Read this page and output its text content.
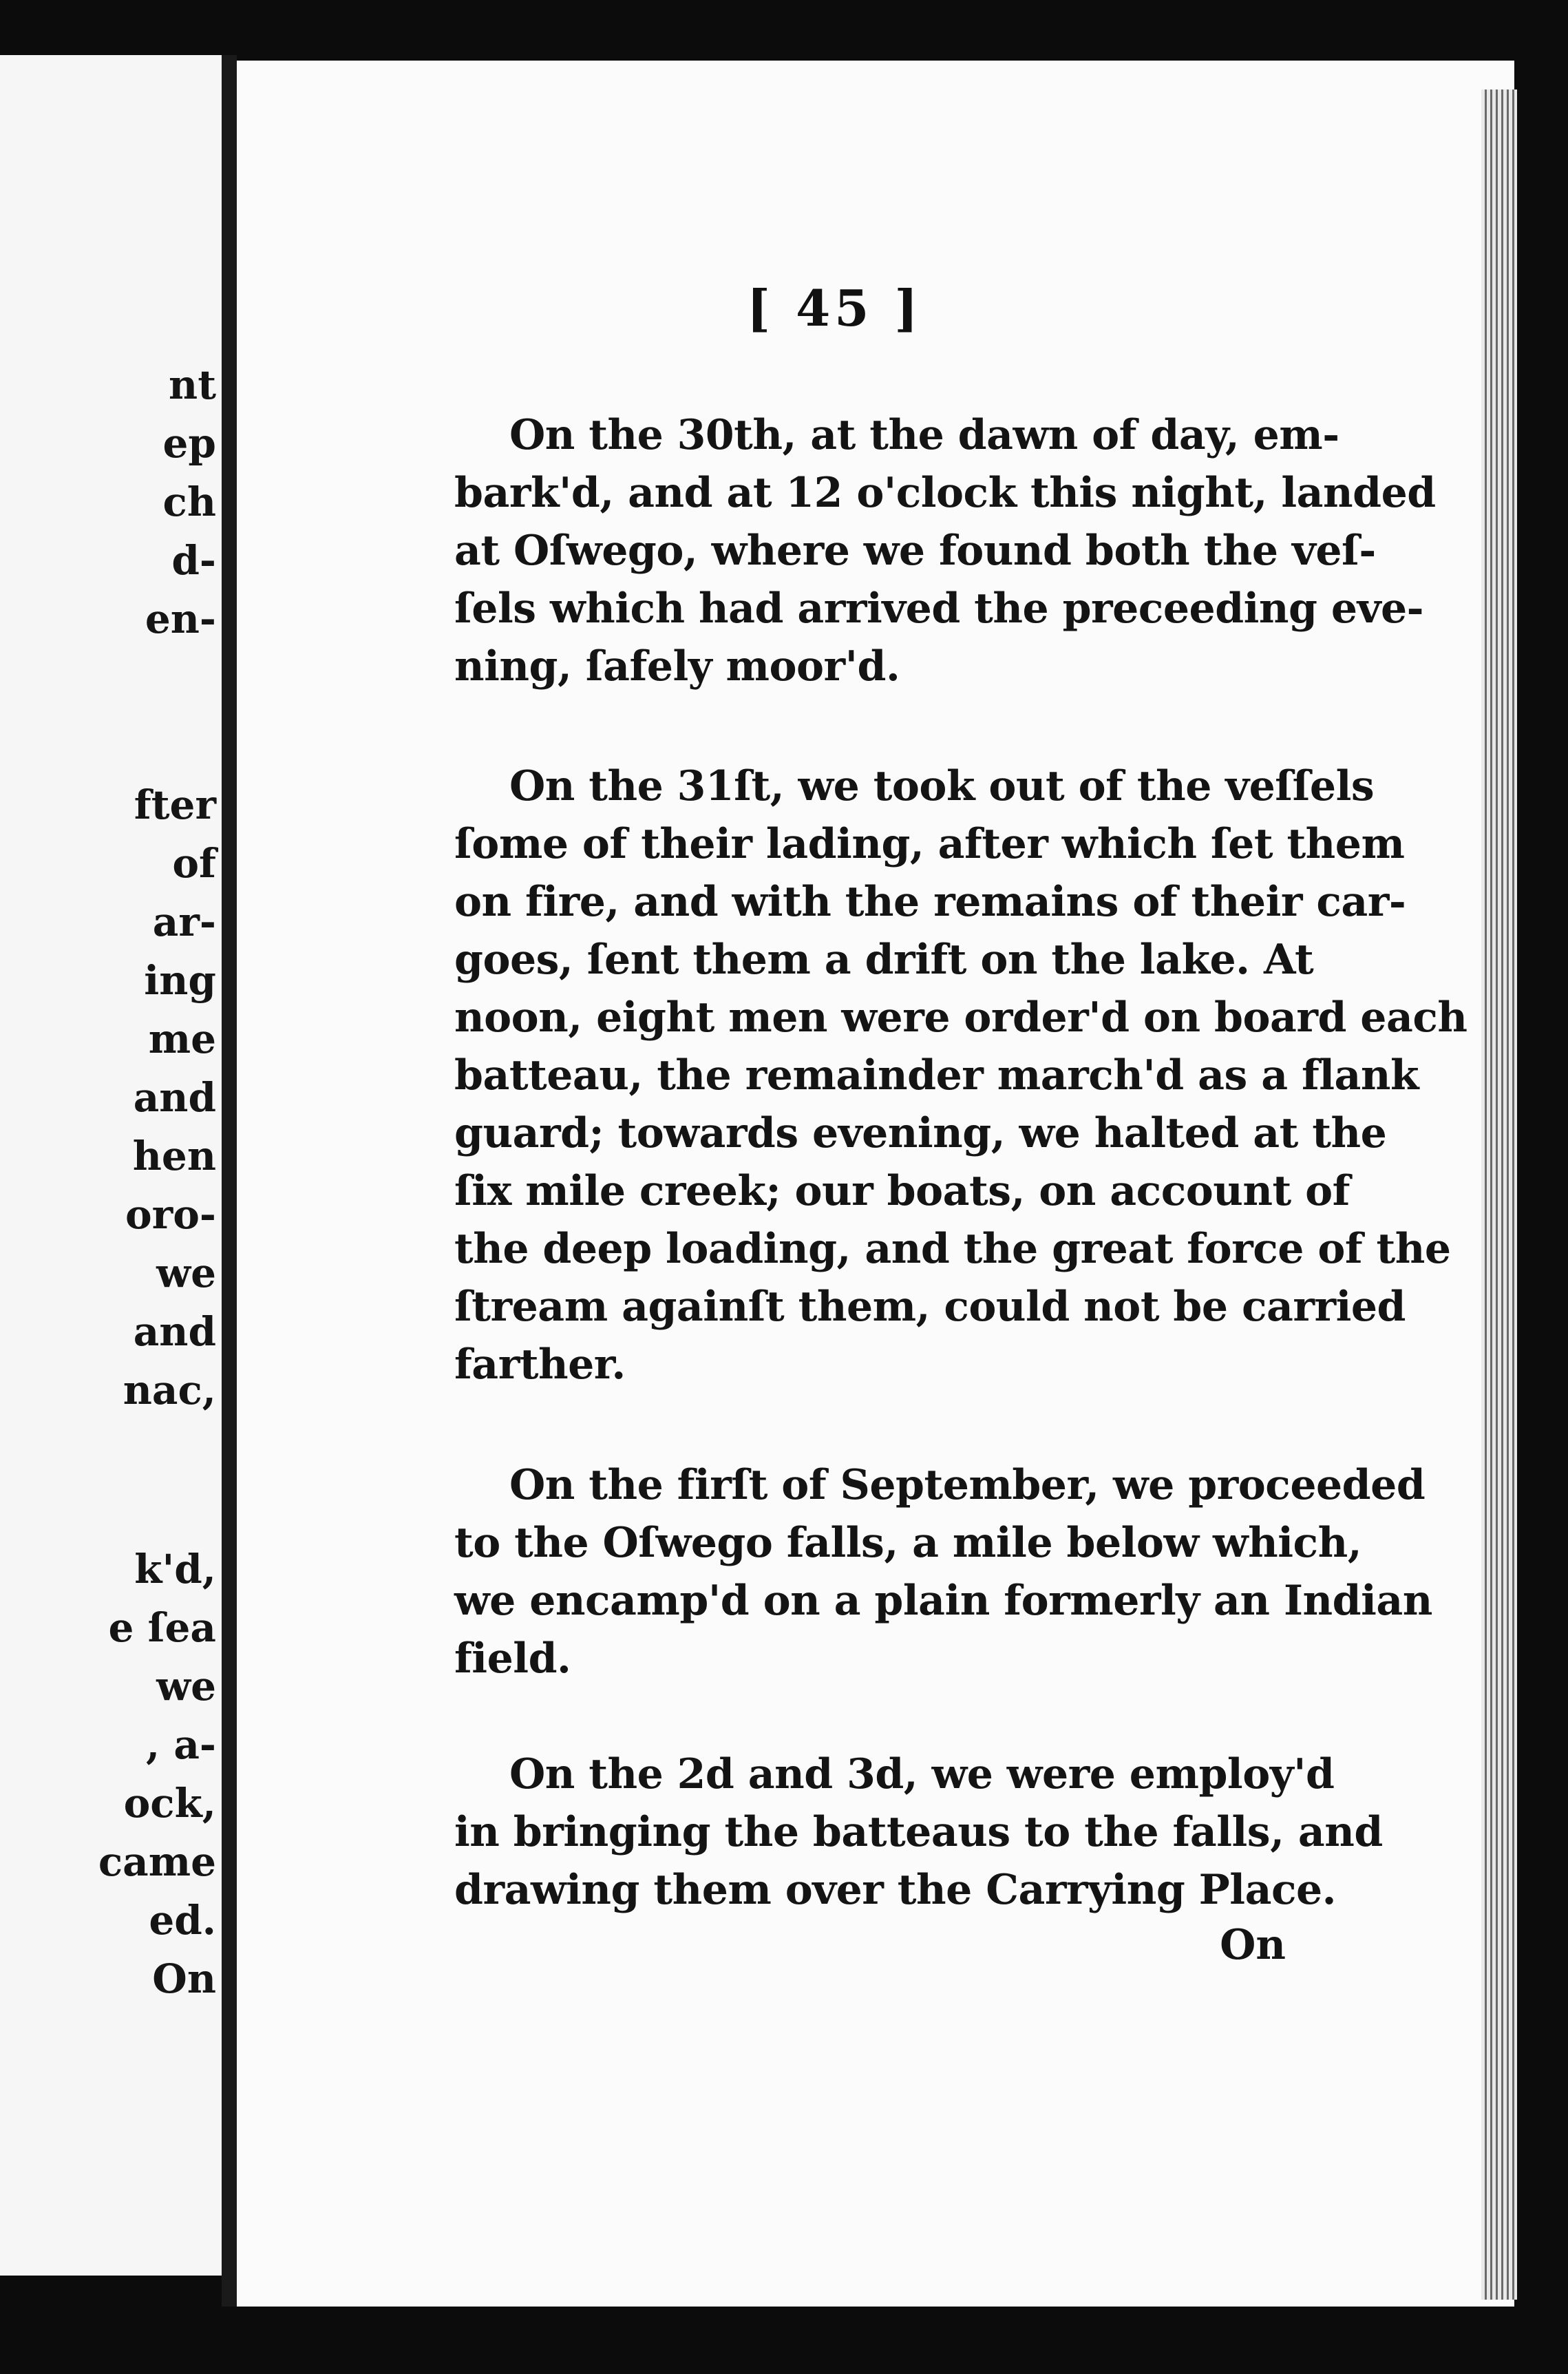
nt
ep
ch
d-
en-
fter
of
ar-
ing
me
and
hen
oro-
we
and
nac,
k'd,
e ſea
we
, a-
ock,
came
ed.
On
[ 45 ]
On the 30th, at the dawn of day, em-
bark'd, and at 12 o'clock this night, landed
at Oſwego, where we found both the veſ-
ſels which had arrived the preceeding eve-
ning, ſafely moor'd.
On the 31ſt, we took out of the veſſels
ſome of their lading, after which ſet them
on fire, and with the remains of their car-
goes, ſent them a drift on the lake. At
noon, eight men were order'd on board each
batteau, the remainder march'd as a flank
guard; towards evening, we halted at the
ſix mile creek; our boats, on account of
the deep loading, and the great force of the
ſtream againſt them, could not be carried
farther.
On the firſt of September, we proceeded
to the Oſwego falls, a mile below which,
we encamp'd on a plain formerly an Indian
field.
On the 2d and 3d, we were employ'd
in bringing the batteaus to the falls, and
drawing them over the Carrying Place.
On
